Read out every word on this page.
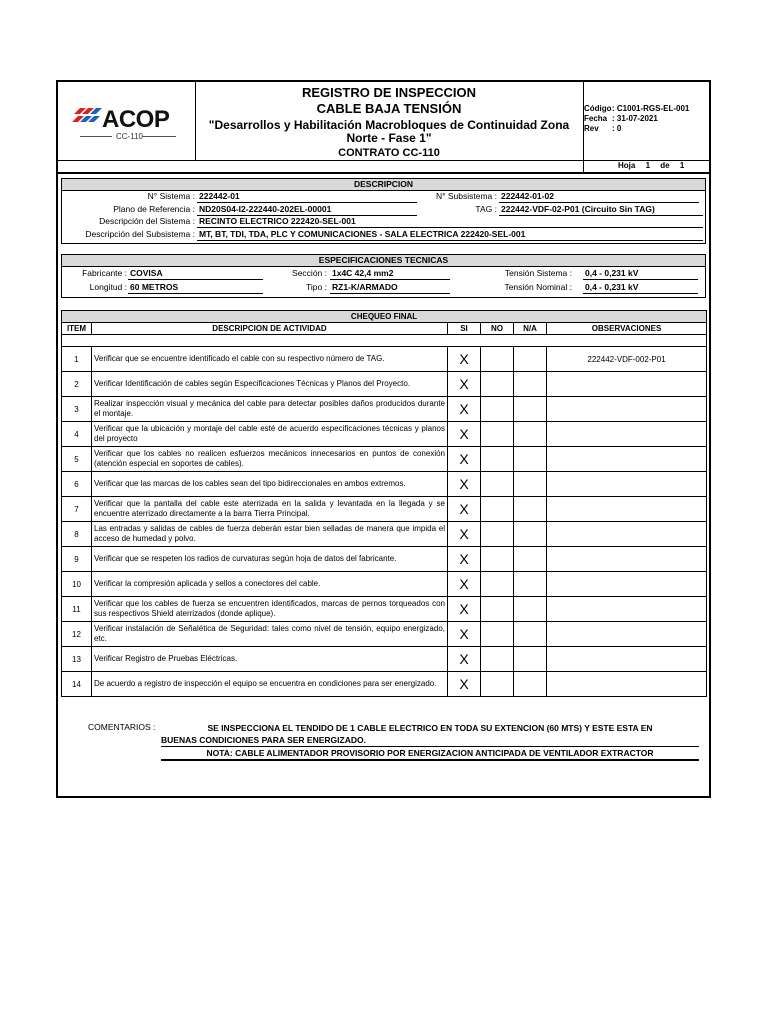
ACOP
CC-110
REGISTRO DE INSPECCION
CABLE BAJA TENSIÓN
"Desarrollos y Habilitación Macrobloques de Continuidad Zona Norte - Fase 1"
CONTRATO CC-110
Código: C1001-RGS-EL-001
Fecha : 31-07-2021
Rev : 0
Hoja 1 de 1
DESCRIPCION
N° Sistema : 222442-01	N° Subsistema : 222442-01-02
Plano de Referencia : ND20S04-I2-222440-202EL-00001	TAG : 222442-VDF-02-P01 (Circuito Sin TAG)
Descripción del Sistema : RECINTO ELECTRICO 222420-SEL-001
Descripción del Subsistema : MT, BT, TDI, TDA, PLC Y COMUNICACIONES - SALA ELECTRICA 222420-SEL-001
ESPECIFICACIONES TECNICAS
Fabricante : COVISA	Sección : 1x4C 42,4 mm2	Tensión Sistema : 0,4 - 0,231 kV
Longitud : 60 METROS	Tipo : RZ1-K/ARMADO	Tensión Nominal : 0,4 - 0,231 kV
CHEQUEO FINAL					
ITEM	DESCRIPCION DE ACTIVIDAD	SI	NO	N/A	OBSERVACIONES

1	Verificar que se encuentre identificado el cable con su respectivo número de TAG.	X			222442-VDF-002-P01
2	Verificar Identificación de cables según Especificaciones Técnicas y Planos del Proyecto.	X			
3	Realizar inspección visual y mecánica del cable para detectar posibles daños producidos durante el montaje.	X			
4	Verificar que la ubicación y montaje del cable esté de acuerdo especificaciones técnicas y planos del proyecto	X			
5	Verificar que los cables no realicen esfuerzos mecánicos innecesarios en puntos de conexión (atención especial en soportes de cables).	X			
6	Verificar que las marcas de los cables sean del tipo bidireccionales en ambos extremos.	X			
7	Verificar que la pantalla del cable este aterrizada en la salida y levantada en la llegada y se encuentre aterrizado directamente a la barra Tierra Principal.	X			
8	Las entradas y salidas de cables de fuerza deberán estar bien selladas de manera que impida el acceso de humedad y polvo.	X			
9	Verificar que se respeten los radios de curvaturas según hoja de datos del fabricante.	X			
10	Verificar la compresión aplicada y sellos a conectores del cable.	X			
11	Verificar que los cables de fuerza se encuentren identificados, marcas de pernos torqueados con sus respectivos Shield aterrizados (donde aplique).	X			
12	Verificar instalación de Señalética de Seguridad: tales como nivel de tensión, equipo energizado, etc.	X			
13	Verificar Registro de Pruebas Eléctricas.	X			
14	De acuerdo a registro de inspección el equipo se encuentra en condiciones para ser energizado.	X			
COMENTARIOS :	SE INSPECCIONA EL TENDIDO DE 1 CABLE ELECTRICO EN TODA SU EXTENCION (60 MTS) Y ESTE ESTA EN
BUENAS CONDICIONES PARA SER ENERGIZADO.
NOTA: CABLE ALIMENTADOR PROVISORIO POR ENERGIZACION ANTICIPADA DE VENTILADOR EXTRACTOR
